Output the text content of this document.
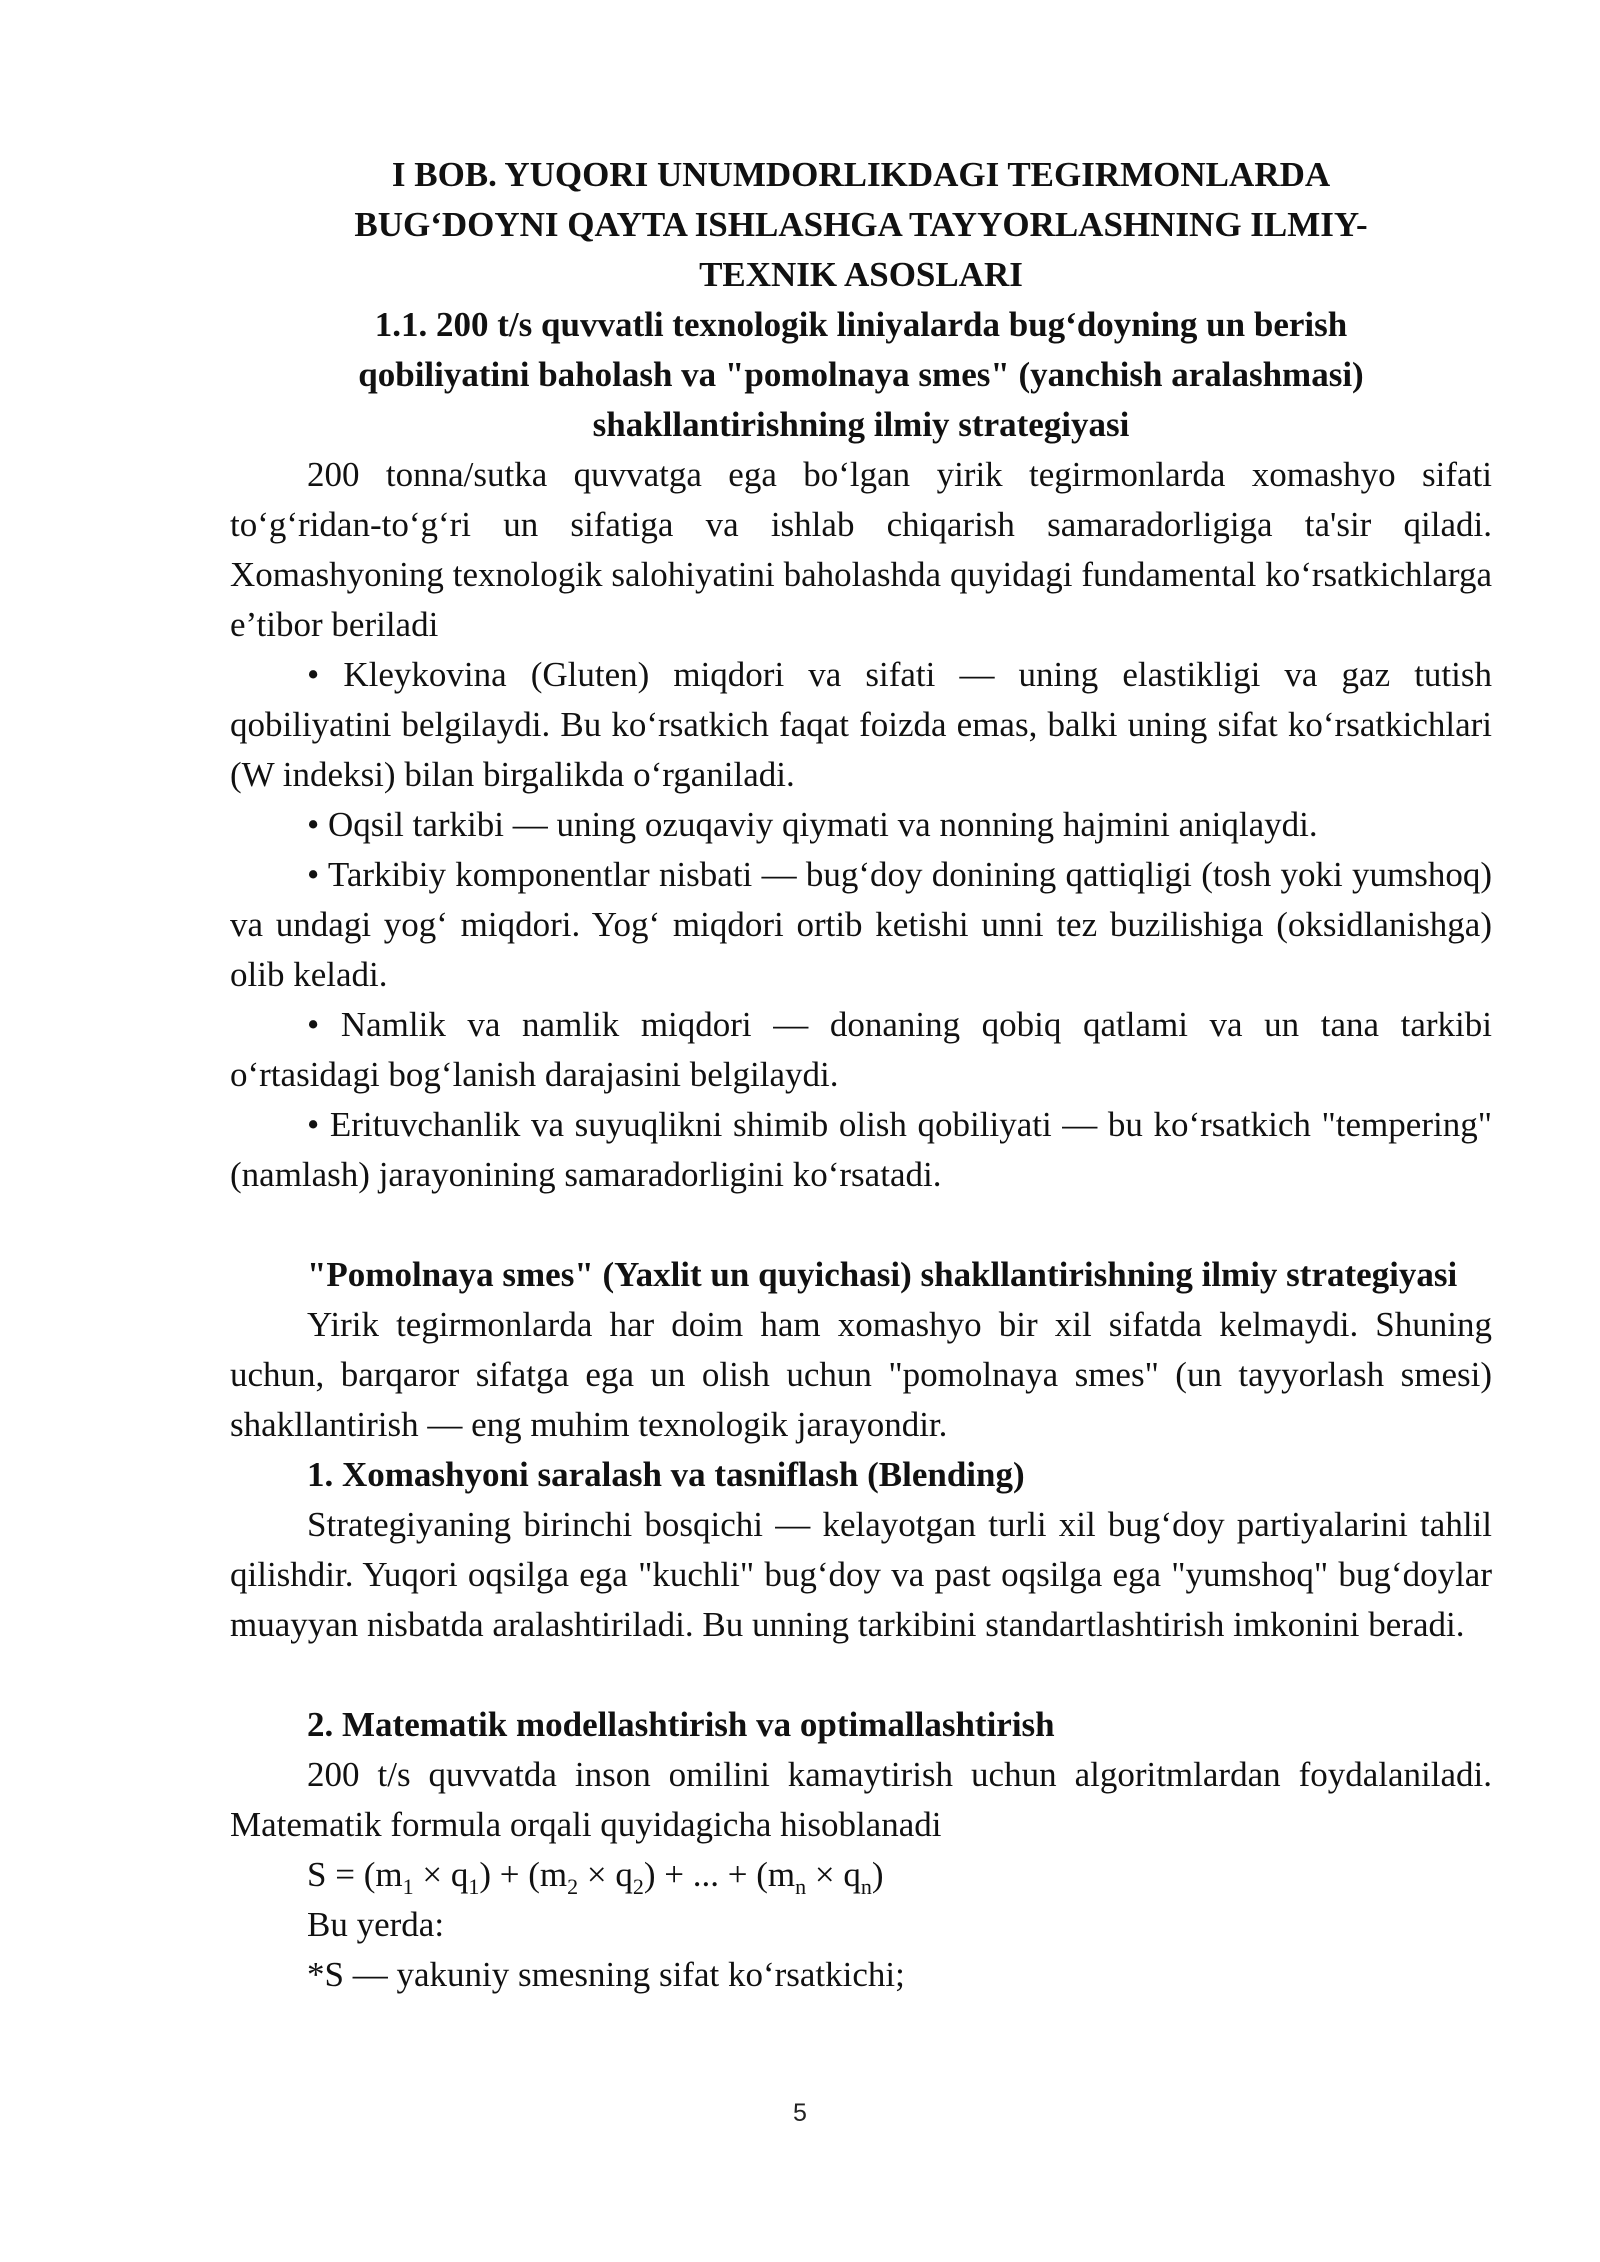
I BOB. YUQORI UNUMDORLIKDAGI TEGIRMONLARDA

BUG‘DOYNI QAYTA ISHLASHGA TAYYORLASHNING ILMIY-

TEXNIK ASOSLARI

1.1. 200 t/s quvvatli texnologik liniyalarda bug‘doyning un berish

qobiliyatini baholash va "pomolnaya smes" (yanchish aralashmasi)

shakllantirishning ilmiy strategiyasi

200 tonna/sutka quvvatga ega bo‘lgan yirik tegirmonlarda xomashyo sifati to‘g‘ridan-to‘g‘ri un sifatiga va ishlab chiqarish samaradorligiga ta'sir qiladi. Xomashyoning texnologik salohiyatini baholashda quyidagi fundamental ko‘rsatkichlarga e’tibor beriladi

• Kleykovina (Gluten) miqdori va sifati — uning elastikligi va gaz tutish qobiliyatini belgilaydi. Bu ko‘rsatkich faqat foizda emas, balki uning sifat ko‘rsatkichlari (W indeksi) bilan birgalikda o‘rganiladi.

• Oqsil tarkibi — uning ozuqaviy qiymati va nonning hajmini aniqlaydi.

• Tarkibiy komponentlar nisbati — bug‘doy donining qattiqligi (tosh yoki yumshoq) va undagi yog‘ miqdori. Yog‘ miqdori ortib ketishi unni tez buzilishiga (oksidlanishga) olib keladi.

• Namlik va namlik miqdori — donaning qobiq qatlami va un tana tarkibi o‘rtasidagi bog‘lanish darajasini belgilaydi.

• Erituvchanlik va suyuqlikni shimib olish qobiliyati — bu ko‘rsatkich "tempering" (namlash) jarayonining samaradorligini ko‘rsatadi.

"Pomolnaya smes" (Yaxlit un quyichasi) shakllantirishning ilmiy strategiyasi

Yirik tegirmonlarda har doim ham xomashyo bir xil sifatda kelmaydi. Shuning uchun, barqaror sifatga ega un olish uchun "pomolnaya smes" (un tayyorlash smesi) shakllantirish — eng muhim texnologik jarayondir.

1. Xomashyoni saralash va tasniflash (Blending)

Strategiyaning birinchi bosqichi — kelayotgan turli xil bug‘doy partiyalarini tahlil qilishdir. Yuqori oqsilga ega "kuchli" bug‘doy va past oqsilga ega "yumshoq" bug‘doylar muayyan nisbatda aralashtiriladi. Bu unning tarkibini standartlashtirish imkonini beradi.

2. Matematik modellashtirish va optimallashtirish

200 t/s quvvatda inson omilini kamaytirish uchun algoritmlardan foydalaniladi. Matematik formula orqali quyidagicha hisoblanadi

$S = (m_1 \times q_1) + (m_2 \times q_2)$ + ... + $(m_n \times q_n)$

Bu yerda:

*S — yakuniy smesning sifat ko‘rsatkichi;

5
